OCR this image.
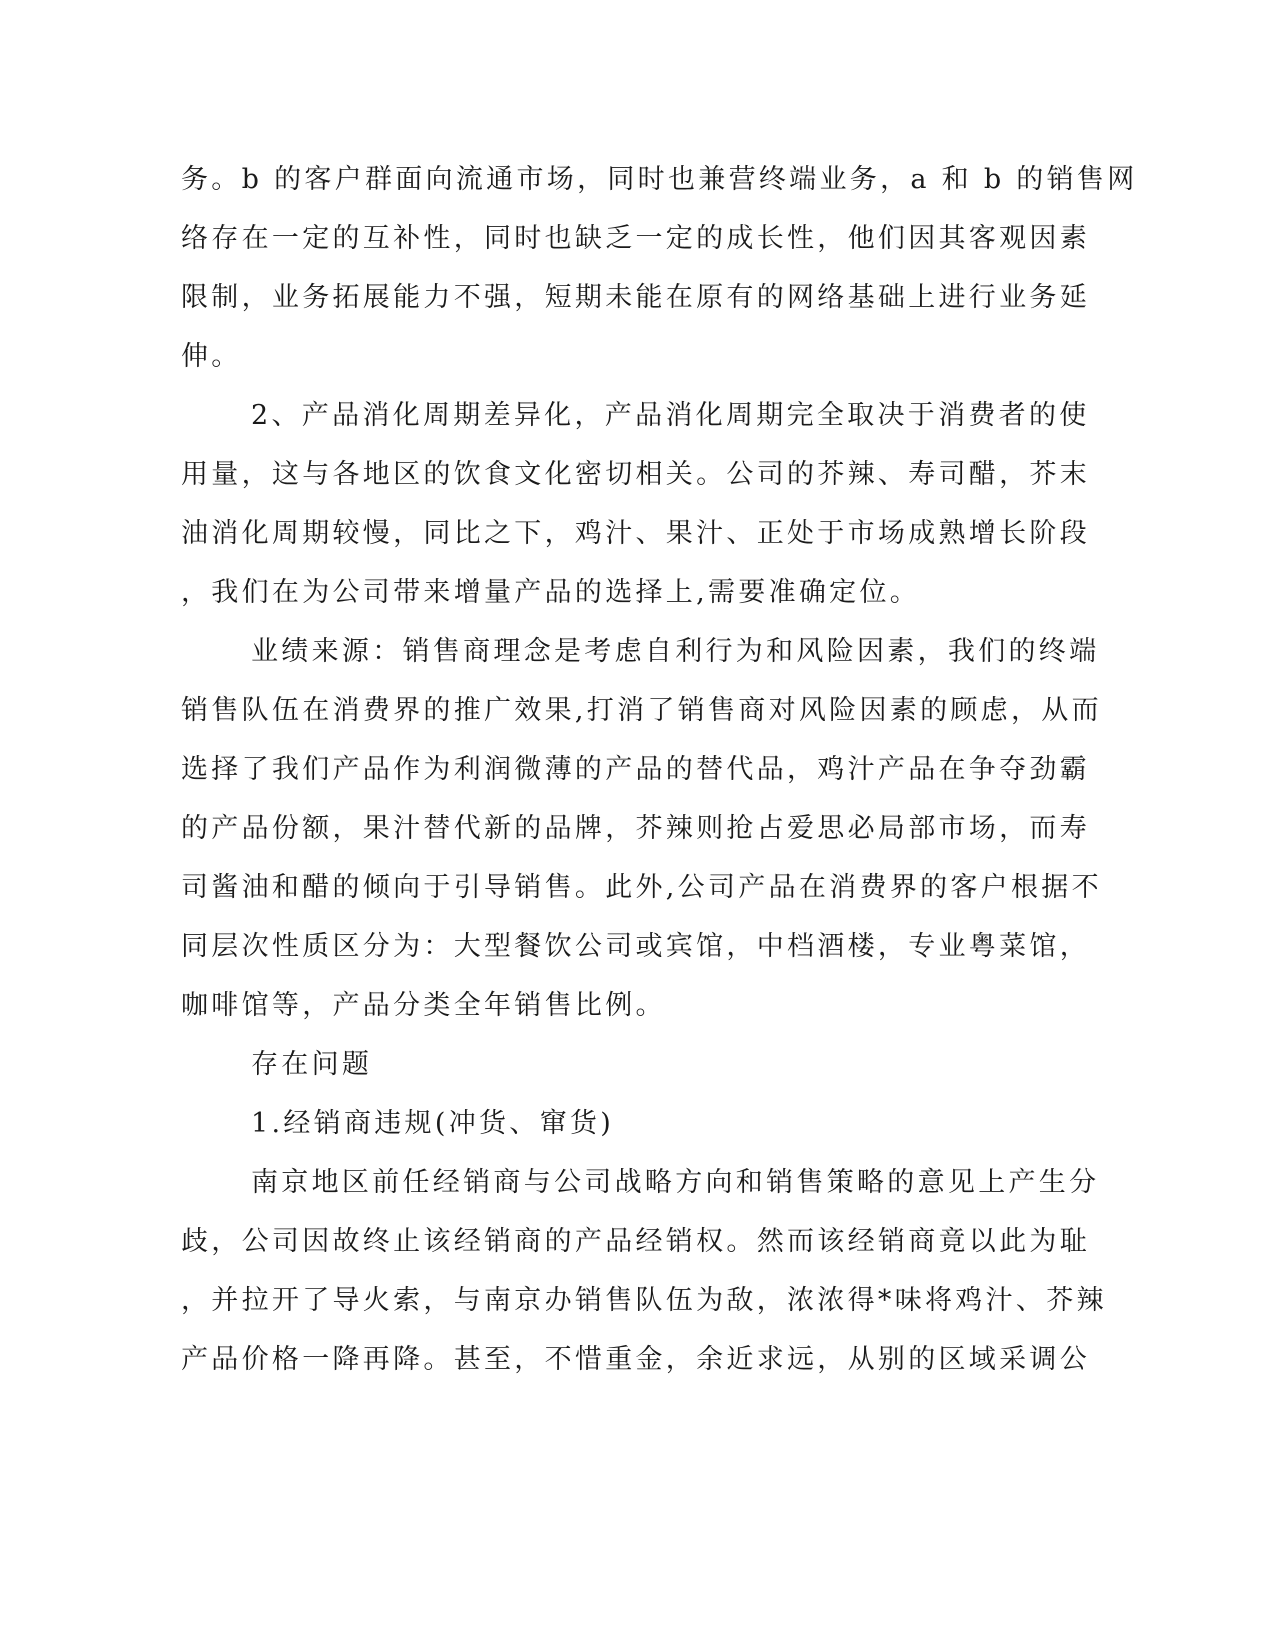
务。b 的客户群面向流通市场，同时也兼营终端业务，a 和 b 的销售网
络存在一定的互补性，同时也缺乏一定的成长性，他们因其客观因素
限制，业务拓展能力不强，短期未能在原有的网络基础上进行业务延
伸。
2、产品消化周期差异化，产品消化周期完全取决于消费者的使
用量，这与各地区的饮食文化密切相关。公司的芥辣、寿司醋，芥末
油消化周期较慢，同比之下，鸡汁、果汁、正处于市场成熟增长阶段
，我们在为公司带来增量产品的选择上,需要准确定位。
业绩来源：销售商理念是考虑自利行为和风险因素，我们的终端
销售队伍在消费界的推广效果,打消了销售商对风险因素的顾虑，从而
选择了我们产品作为利润微薄的产品的替代品，鸡汁产品在争夺劲霸
的产品份额，果汁替代新的品牌，芥辣则抢占爱思必局部市场，而寿
司酱油和醋的倾向于引导销售。此外,公司产品在消费界的客户根据不
同层次性质区分为：大型餐饮公司或宾馆，中档酒楼，专业粤菜馆，
咖啡馆等，产品分类全年销售比例。
存在问题
1.经销商违规(冲货、窜货)
南京地区前任经销商与公司战略方向和销售策略的意见上产生分
歧，公司因故终止该经销商的产品经销权。然而该经销商竟以此为耻
，并拉开了导火索，与南京办销售队伍为敌，浓浓得*味将鸡汁、芥辣
产品价格一降再降。甚至，不惜重金，余近求远，从别的区域采调公
